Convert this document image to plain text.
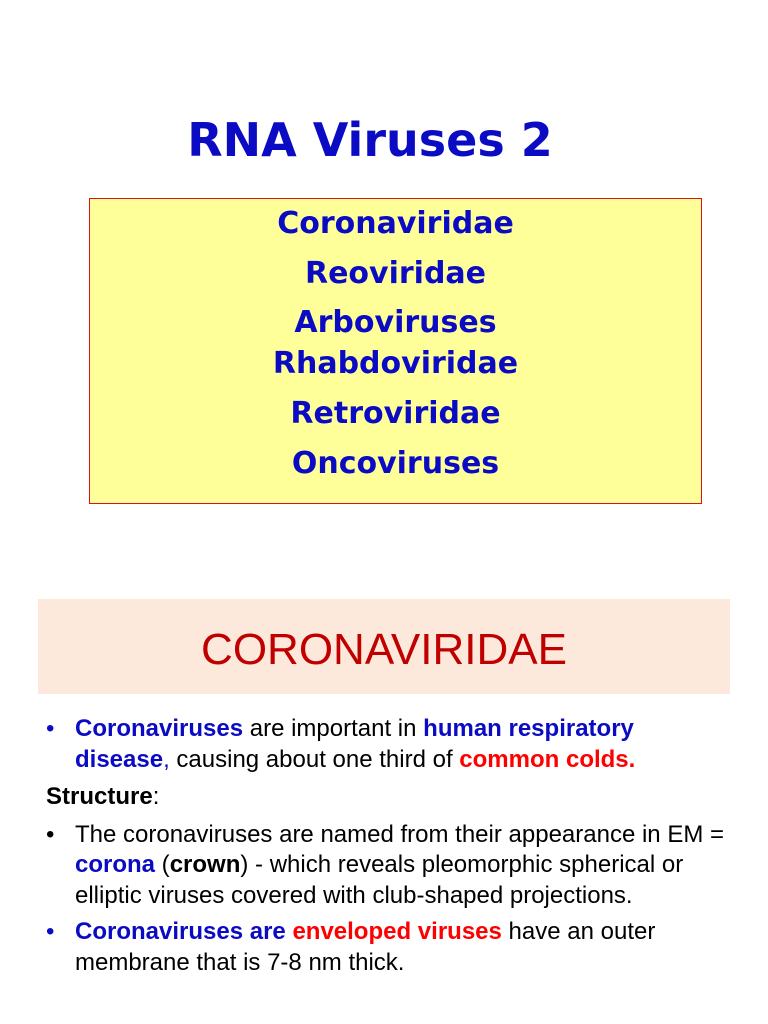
RNA Viruses 2
Coronaviridae
Reoviridae
Arboviruses
Rhabdoviridae
Retroviridae
Oncoviruses
CORONAVIRIDAE

• Coronaviruses are important in human respiratory disease, causing about one third of common colds.

Structure:

• The coronaviruses are named from their appearance in EM = corona (crown) - which reveals pleomorphic spherical or elliptic viruses covered with club-shaped projections.

• Coronaviruses are enveloped viruses have an outer membrane that is 7-8 nm thick.
